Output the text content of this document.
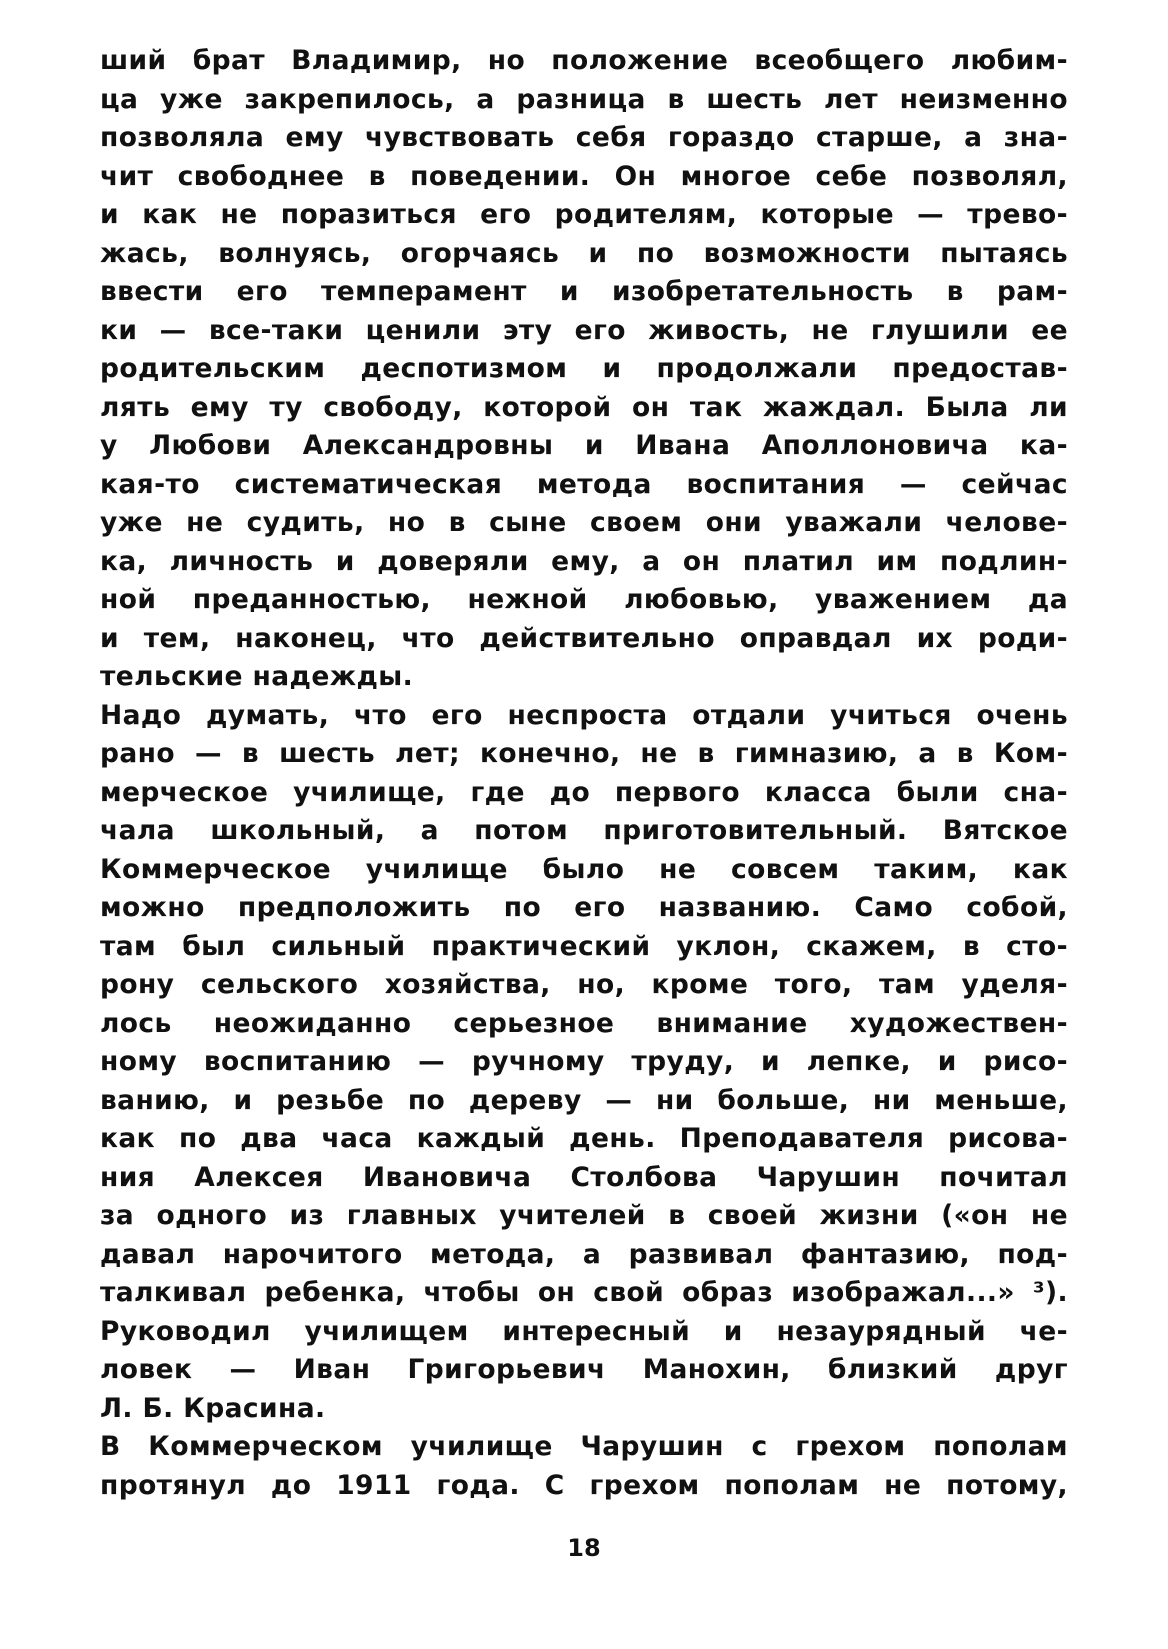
ший брат Владимир, но положение всеобщего любим-
ца уже закрепилось, а разница в шесть лет неизменно
позволяла ему чувствовать себя гораздо старше, а зна-
чит свободнее в поведении. Он многое себе позволял,
и как не поразиться его родителям, которые — трево-
жась, волнуясь, огорчаясь и по возможности пытаясь
ввести его темперамент и изобретательность в рам-
ки — все-таки ценили эту его живость, не глушили ее
родительским деспотизмом и продолжали предостав-
лять ему ту свободу, которой он так жаждал. Была ли
у Любови Александровны и Ивана Аполлоновича ка-
кая-то систематическая метода воспитания — сейчас
уже не судить, но в сыне своем они уважали челове-
ка, личность и доверяли ему, а он платил им подлин-
ной преданностью, нежной любовью, уважением да
и тем, наконец, что действительно оправдал их роди-
тельские надежды.
Надо думать, что его неспроста отдали учиться очень
рано — в шесть лет; конечно, не в гимназию, а в Ком-
мерческое училище, где до первого класса были сна-
чала школьный, а потом приготовительный. Вятское
Коммерческое училище было не совсем таким, как
можно предположить по его названию. Само собой,
там был сильный практический уклон, скажем, в сто-
рону сельского хозяйства, но, кроме того, там уделя-
лось неожиданно серьезное внимание художествен-
ному воспитанию — ручному труду, и лепке, и рисо-
ванию, и резьбе по дереву — ни больше, ни меньше,
как по два часа каждый день. Преподавателя рисова-
ния Алексея Ивановича Столбова Чарушин почитал
за одного из главных учителей в своей жизни («он не
давал нарочитого метода, а развивал фантазию, под-
талкивал ребенка, чтобы он свой образ изображал...» ³).
Руководил училищем интересный и незаурядный че-
ловек — Иван Григорьевич Манохин, близкий друг
Л. Б. Красина.
В Коммерческом училище Чарушин с грехом пополам
протянул до 1911 года. С грехом пополам не потому,
18
